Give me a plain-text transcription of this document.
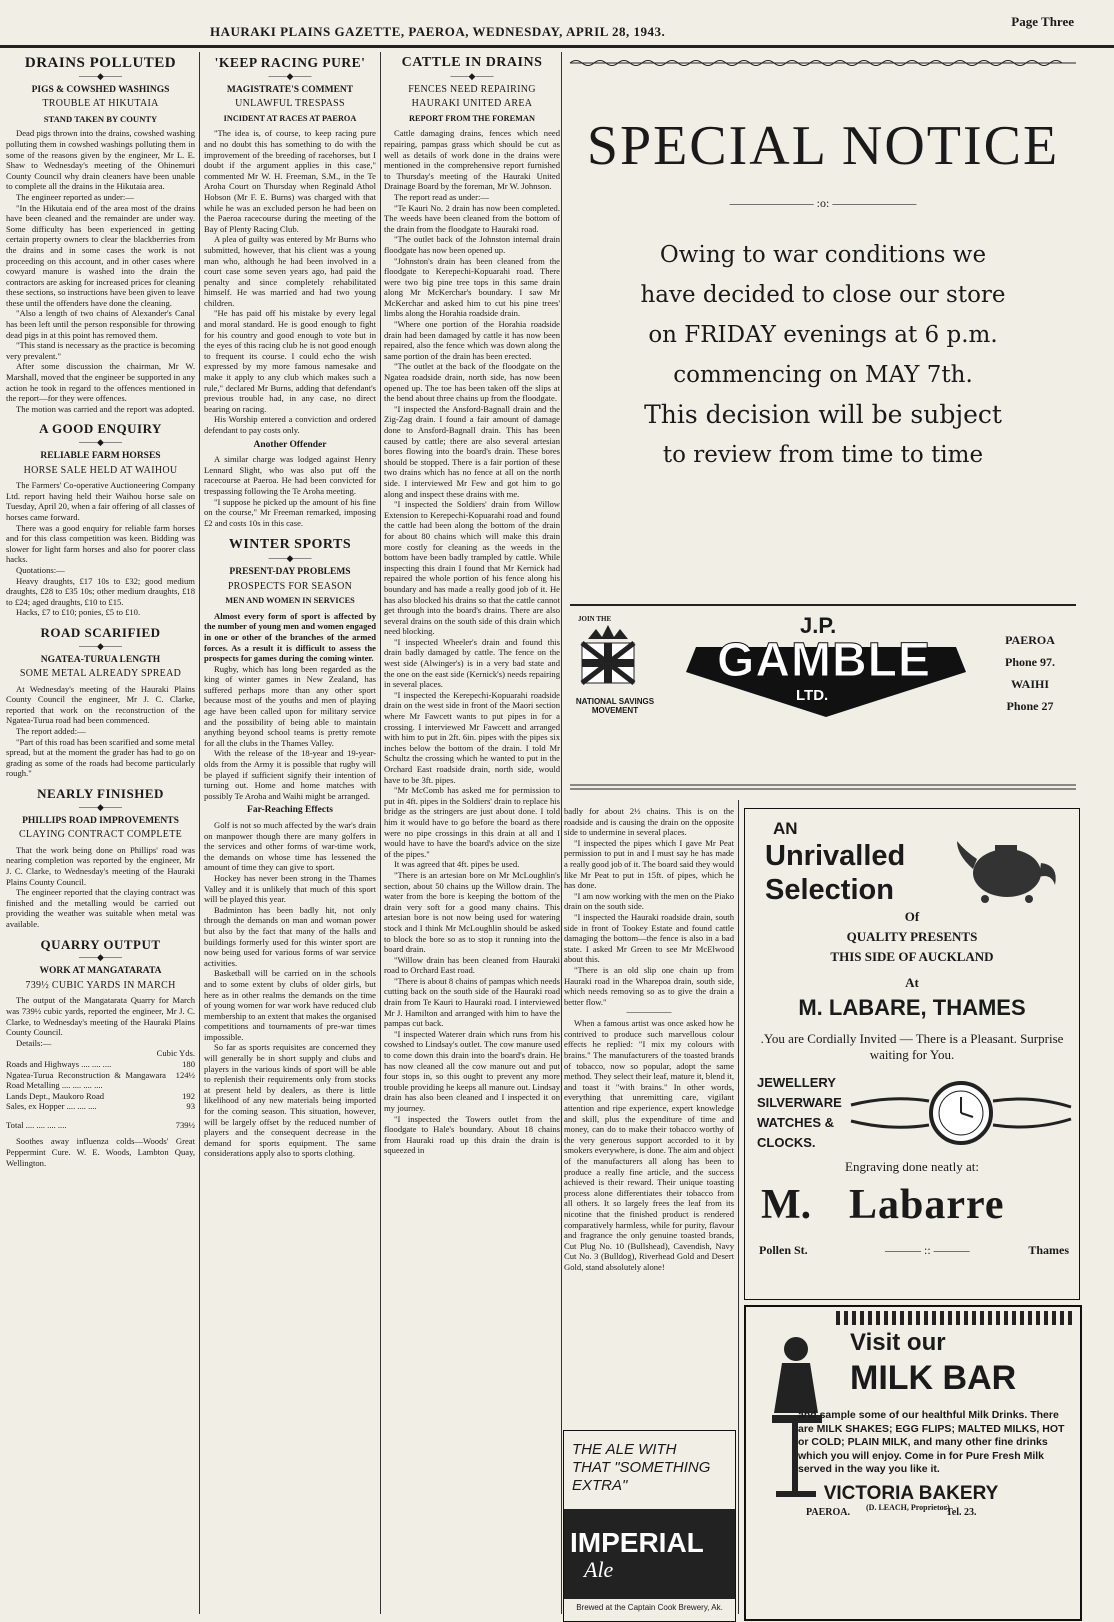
HAURAKI PLAINS GAZETTE, PAEROA, WEDNESDAY, APRIL 28, 1943.
Page Three
DRAINS POLLUTED
——◆——
PIGS & COWSHED WASHINGS
TROUBLE AT HIKUTAIA
STAND TAKEN BY COUNTY

Dead pigs thrown into the drains, cowshed washing polluting them in cowshed washings polluting them in some of the reasons given by the engineer, Mr L. E. Shaw to Wednesday's meeting of the Ohinemuri County Council why drain cleaners have been unable to complete all the drains in the Hikutaia area.

The engineer reported as under:—

"In the Hikutaia end of the area most of the drains have been cleaned and the remainder are under way. Some difficulty has been experienced in getting certain property owners to clear the blackberries from the drains and in some cases the work is not proceeding on this account, and in other cases where cowyard manure is washed into the drain the contractors are asking for increased prices for cleaning these sections, so instructions have been given to leave these until the offenders have done the cleaning.

"Also a length of two chains of Alexander's Canal has been left until the person responsible for throwing dead pigs in at this point has removed them.

"This stand is necessary as the practice is becoming very prevalent."

After some discussion the chairman, Mr W. Marshall, moved that the engineer be supported in any action he took in regard to the offences mentioned in the report—for they were offences.

The motion was carried and the report was adopted.

A GOOD ENQUIRY
——◆——
RELIABLE FARM HORSES
HORSE SALE HELD AT WAIHOU

The Farmers' Co-operative Auctioneering Company Ltd. report having held their Waihou horse sale on Tuesday, April 20, when a fair offering of all classes of horses came forward.

There was a good enquiry for reliable farm horses and for this class competition was keen. Bidding was slower for light farm horses and also for poorer class hacks.

Quotations:—

Heavy draughts, £17 10s to £32; good medium draughts, £28 to £35 10s; other medium draughts, £18 to £24; aged draughts, £10 to £15.

Hacks, £7 to £10; ponies, £5 to £10.

ROAD SCARIFIED
——◆——
NGATEA-TURUA LENGTH
SOME METAL ALREADY SPREAD

At Wednesday's meeting of the Hauraki Plains County Council the engineer, Mr J. C. Clarke, reported that work on the reconstruction of the Ngatea-Turua road had been commenced.

The report added:—

"Part of this road has been scarified and some metal spread, but at the moment the grader has had to go on grading as some of the roads had become particularly rough."

NEARLY FINISHED
——◆——
PHILLIPS ROAD IMPROVEMENTS
CLAYING CONTRACT COMPLETE

That the work being done on Phillips' road was nearing completion was reported by the engineer, Mr J. C. Clarke, to Wednesday's meeting of the Hauraki Plains County Council.

The engineer reported that the claying contract was finished and the metalling would be carried out providing the weather was suitable when metal was available.

QUARRY OUTPUT
——◆——
WORK AT MANGATARATA
739½ CUBIC YARDS IN MARCH

The output of the Mangatarata Quarry for March was 739½ cubic yards, reported the engineer, Mr J. C. Clarke, to Wednesday's meeting of the Hauraki Plains County Council.

Details:—

Cubic Yds.
Roads and Highways .... .... ....	180
Ngatea-Turua Reconstruction & Mangawara Road Metalling .... .... .... ....
124½
Lands Dept., Maukoro Road	192
Sales, ex Hopper .... .... ....	93
Total .... .... .... ....	739½

Soothes away influenza colds—Woods' Great Peppermint Cure. W. E. Woods, Lambton Quay, Wellington.

'KEEP RACING PURE'
——◆——
MAGISTRATE'S COMMENT
UNLAWFUL TRESPASS
INCIDENT AT RACES AT PAEROA

"The idea is, of course, to keep racing pure and no doubt this has something to do with the improvement of the breeding of racehorses, but I doubt if the argument applies in this case," commented Mr W. H. Freeman, S.M., in the Te Aroha Court on Thursday when Reginald Athol Hobson (Mr F. E. Burns) was charged with that while he was an excluded person he had been on the Paeroa racecourse during the meeting of the Bay of Plenty Racing Club.

A plea of guilty was entered by Mr Burns who submitted, however, that his client was a young man who, although he had been involved in a court case some seven years ago, had paid the penalty and since completely rehabilitated himself. He was married and had two young children.

"He has paid off his mistake by every legal and moral standard. He is good enough to fight for his country and good enough to vote but in the eyes of this racing club he is not good enough to frequent its course. I could echo the wish expressed by my more famous namesake and make it apply to any club which makes such a rule," declared Mr Burns, adding that defendant's previous trouble had, in any case, no direct bearing on racing.

His Worship entered a conviction and ordered defendant to pay costs only.

Another Offender

A similar charge was lodged against Henry Lennard Slight, who was also put off the racecourse at Paeroa. He had been convicted for trespassing following the Te Aroha meeting.

"I suppose he picked up the amount of his fine on the course," Mr Freeman remarked, imposing £2 and costs 10s in this case.

WINTER SPORTS
——◆——
PRESENT-DAY PROBLEMS
PROSPECTS FOR SEASON
MEN AND WOMEN IN SERVICES

Almost every form of sport is affected by the number of young men and women engaged in one or other of the branches of the armed forces. As a result it is difficult to assess the prospects for games during the coming winter.

Rugby, which has long been regarded as the king of winter games in New Zealand, has suffered perhaps more than any other sport because most of the youths and men of playing age have been called upon for military service and the possibility of being able to maintain anything beyond school teams is pretty remote for all the clubs in the Thames Valley.

With the release of the 18-year and 19-year-olds from the Army it is possible that rugby will be played if sufficient signify their intention of turning out. Home and home matches with possibly Te Aroha and Waihi might be arranged.

Far-Reaching Effects

Golf is not so much affected by the war's drain on manpower though there are many golfers in the services and other forms of war-time work, the demands on whose time has lessened the amount of time they can give to sport.

Hockey has never been strong in the Thames Valley and it is unlikely that much of this sport will be played this year.

Badminton has been badly hit, not only through the demands on man and woman power but also by the fact that many of the halls and buildings formerly used for this winter sport are now being used for various forms of war service activities.

Basketball will be carried on in the schools and to some extent by clubs of older girls, but here as in other realms the demands on the time of young women for war work have reduced club membership to an extent that makes the organised competitions and tournaments of pre-war times impossible.

So far as sports requisites are concerned they will generally be in short supply and clubs and players in the various kinds of sport will be able to replenish their requirements only from stocks at present held by dealers, as there is little likelihood of any new materials being imported for the coming season. This situation, however, will be largely offset by the reduced number of players and the consequent decrease in the demand for sports equipment. The same considerations apply also to sports clothing.

CATTLE IN DRAINS
——◆——
FENCES NEED REPAIRING
HAURAKI UNITED AREA
REPORT FROM THE FOREMAN

Cattle damaging drains, fences which need repairing, pampas grass which should be cut as well as details of work done in the drains were mentioned in the comprehensive report furnished to Thursday's meeting of the Hauraki United Drainage Board by the foreman, Mr W. Johnson.

The report read as under:—

"Te Kauri No. 2 drain has now been completed. The weeds have been cleaned from the bottom of the drain from the floodgate to Hauraki road.

"The outlet back of the Johnston internal drain floodgate has now been opened up.

"Johnston's drain has been cleaned from the floodgate to Kerepechi-Kopuarahi road. There were two big pine tree tops in this same drain along Mr McKerchar's boundary. I saw Mr McKerchar and asked him to cut his pine trees' limbs along the Horahia roadside drain.

"Where one portion of the Horahia roadside drain had been damaged by cattle it has now been repaired, also the fence which was down along the same portion of the drain has been erected.

"The outlet at the back of the floodgate on the Ngatea roadside drain, north side, has now been opened up. The toe has been taken off the slips at the bend about three chains up from the floodgate.

"I inspected the Ansford-Bagnall drain and the Zig-Zag drain. I found a fair amount of damage done to Ansford-Bagnall drain. This has been caused by cattle; there are also several artesian bores flowing into the board's drain. These bores should be stopped. There is a fair portion of these two drains which has no fence at all on the north side. I interviewed Mr Few and got him to go along and inspect these drains with me.

"I inspected the Soldiers' drain from Willow Extension to Kerepechi-Kopuarahi road and found the cattle had been along the bottom of the drain for about 80 chains which will make this drain more costly for cleaning as the weeds in the bottom have been badly trampled by cattle. While inspecting this drain I found that Mr Kernick had repaired the whole portion of his fence along his boundary and has made a really good job of it. He has also blocked his drains so that the cattle cannot get through into the board's drains. There are also several drains on the south side of this drain which need blocking.

"I inspected Wheeler's drain and found this drain badly damaged by cattle. The fence on the west side (Alwinger's) is in a very bad state and the one on the east side (Kernick's) needs repairing in several places.

"I inspected the Kerepechi-Kopuarahi roadside drain on the west side in front of the Maori section where Mr Fawcett wants to put pipes in for a crossing. I interviewed Mr Fawcett and arranged with him to put in 2ft. 6in. pipes with the pipes six inches below the bottom of the drain. I told Mr Schultz the crossing which he wanted to put in the Orchard East roadside drain, north side, would have to be 3ft. pipes.

"Mr McComb has asked me for permission to put in 4ft. pipes in the Soldiers' drain to replace his bridge as the stringers are just about done. I told him it would have to go before the board as there were no pipe crossings in this drain at all and I would have to have the board's advice on the size of the pipes."

It was agreed that 4ft. pipes be used.

"There is an artesian bore on Mr McLoughlin's section, about 50 chains up the Willow drain. The water from the bore is keeping the bottom of the drain very soft for a good many chains. This artesian bore is not now being used for watering stock and I think Mr McLoughlin should be asked to block the bore so as to stop it running into the board drain.

"Willow drain has been cleaned from Hauraki road to Orchard East road.

"There is about 8 chains of pampas which needs cutting back on the south side of the Hauraki road drain from Te Kauri to Hauraki road. I interviewed Mr J. Hamilton and arranged with him to have the pampas cut back.

"I inspected Waterer drain which runs from his cowshed to Lindsay's outlet. The cow manure used to come down this drain into the board's drain. He has now cleaned all the cow manure out and put four stops in, so this ought to prevent any more trouble providing he keeps all manure out. Lindsay drain has also been cleaned and I inspected it on my journey.

"I inspected the Towers outlet from the floodgate to Hale's boundary. About 18 chains from Hauraki road up this drain the drain is squeezed in

badly for about 2½ chains. This is on the roadside and is causing the drain on the opposite side to undermine in several places.

"I inspected the pipes which I gave Mr Peat permission to put in and I must say he has made a really good job of it. The board said they would like Mr Peat to put in 15ft. of pipes, which he has done.

"I am now working with the men on the Piako drain on the south side.

"I inspected the Hauraki roadside drain, south side in front of Tookey Estate and found cattle damaging the bottom—the fence is also in a bad state. I asked Mr Green to see Mr McElwood about this.

"There is an old slip one chain up from Hauraki road in the Wharepoa drain, south side, which needs removing so as to give the drain a better flow."

—————

When a famous artist was once asked how he contrived to produce such marvellous colour effects he replied: "I mix my colours with brains." The manufacturers of the toasted brands of tobacco, now so popular, adopt the same method. They select their leaf, mature it, blend it, and toast it "with brains." In other words, everything that unremitting care, vigilant attention and ripe experience, expert knowledge and skill, plus the expenditure of time and money, can do to make their tobacco worthy of the very generous support accorded to it by smokers everywhere, is done. The aim and object of the manufacturers all along has been to produce a really fine article, and the success achieved is their reward. Their unique toasting process alone differentiates their tobacco from all others. It so largely frees the leaf from its nicotine that the finished product is rendered comparatively harmless, while for purity, flavour and fragrance the only genuine toasted brands, Cut Plug No. 10 (Bullshead), Cavendish, Navy Cut No. 3 (Bulldog), Riverhead Gold and Desert Gold, stand absolutely alone!

SPECIAL NOTICE
——————— :o: ———————
Owing to war conditions we
have decided to close our store
on FRIDAY evenings at 6 p.m.
commencing on MAY 7th.
This decision will be subject
to review from time to time
JOIN THE
NATIONAL SAVINGS MOVEMENT
J.P.
GAMBLE
LTD.
PAEROA
Phone 97.
WAIHI
Phone 27
AN
Unrivalled
Selection
Of
QUALITY PRESENTS
THIS SIDE OF AUCKLAND
At
M. LABARE, THAMES
.You are Cordially Invited — There is a Pleasant. Surprise waiting for You.
JEWELLERY
SILVERWARE
WATCHES &
CLOCKS.
Engraving done neatly at:
M. Labarre
Pollen St.	——— :: ———	Thames
THE ALE WITH
THAT "SOMETHING
EXTRA"
IMPERIAL
Ale
Brewed at the Captain Cook Brewery, Ak.
Visit our
MILK BAR
and sample some of our healthful Milk Drinks. There are MILK SHAKES; EGG FLIPS; MALTED MILKS, HOT or COLD; PLAIN MILK, and many other fine drinks which you will enjoy. Come in for Pure Fresh Milk served in the way you like it.
VICTORIA BAKERY
PAEROA. (D. LEACH, Proprietor)
Tel. 23.
